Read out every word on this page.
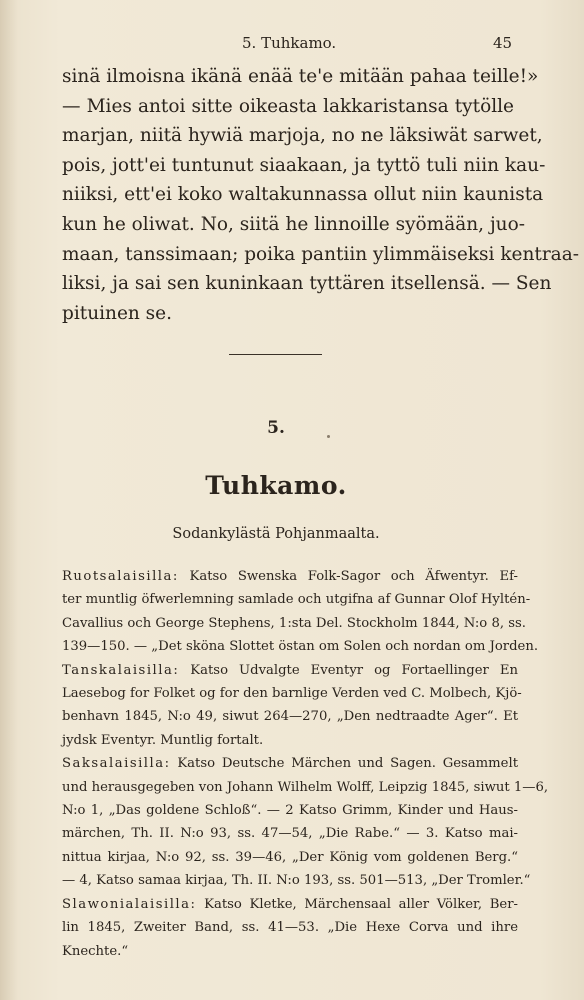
5. Tuhkamo.	45
sinä ilmoisna ikänä enää te'e mitään pahaa teille!»
— Mies antoi sitte oikeasta lakkaristansa tytölle
marjan, niitä hywiä marjoja, no ne läksiwät sarwet,
pois, jott'ei tuntunut siaakaan, ja tyttö tuli niin kau-
niiksi, ett'ei koko waltakunnassa ollut niin kaunista
kun he oliwat. No, siitä he linnoille syömään, juo-
maan, tanssimaan; poika pantiin ylimmäiseksi kentraa-
liksi, ja sai sen kuninkaan tyttären itsellensä. — Sen
pituinen se.
5.
Tuhkamo.
Sodankylästä Pohjanmaalta.
Ruotsalaisilla: Katso Swenska Folk-Sagor och Äfwentyr. Ef-
ter muntlig öfwerlemning samlade och utgifna af Gunnar Olof Hyltén-
Cavallius och George Stephens, 1:sta Del. Stockholm 1844, N:o 8, ss.
139—150. — „Det sköna Slottet östan om Solen och nordan om Jorden.
Tanskalaisilla: Katso Udvalgte Eventyr og Fortaellinger En
Laesebog for Folket og for den barnlige Verden ved C. Molbech, Kjö-
benhavn 1845, N:o 49, siwut 264—270, „Den nedtraadte Ager“. Et
jydsk Eventyr. Muntlig fortalt.
Saksalaisilla: Katso Deutsche Märchen und Sagen. Gesammelt
und herausgegeben von Johann Wilhelm Wolff, Leipzig 1845, siwut 1—6,
N:o 1, „Das goldene Schloß“. — 2 Katso Grimm, Kinder und Haus-
märchen, Th. II. N:o 93, ss. 47—54, „Die Rabe.“ — 3. Katso mai-
nittua kirjaa, N:o 92, ss. 39—46, „Der König vom goldenen Berg.“
— 4, Katso samaa kirjaa, Th. II. N:o 193, ss. 501—513, „Der Tromler.“
Slawonialaisilla: Katso Kletke, Märchensaal aller Völker, Ber-
lin 1845, Zweiter Band, ss. 41—53. „Die Hexe Corva und ihre
Knechte.“
